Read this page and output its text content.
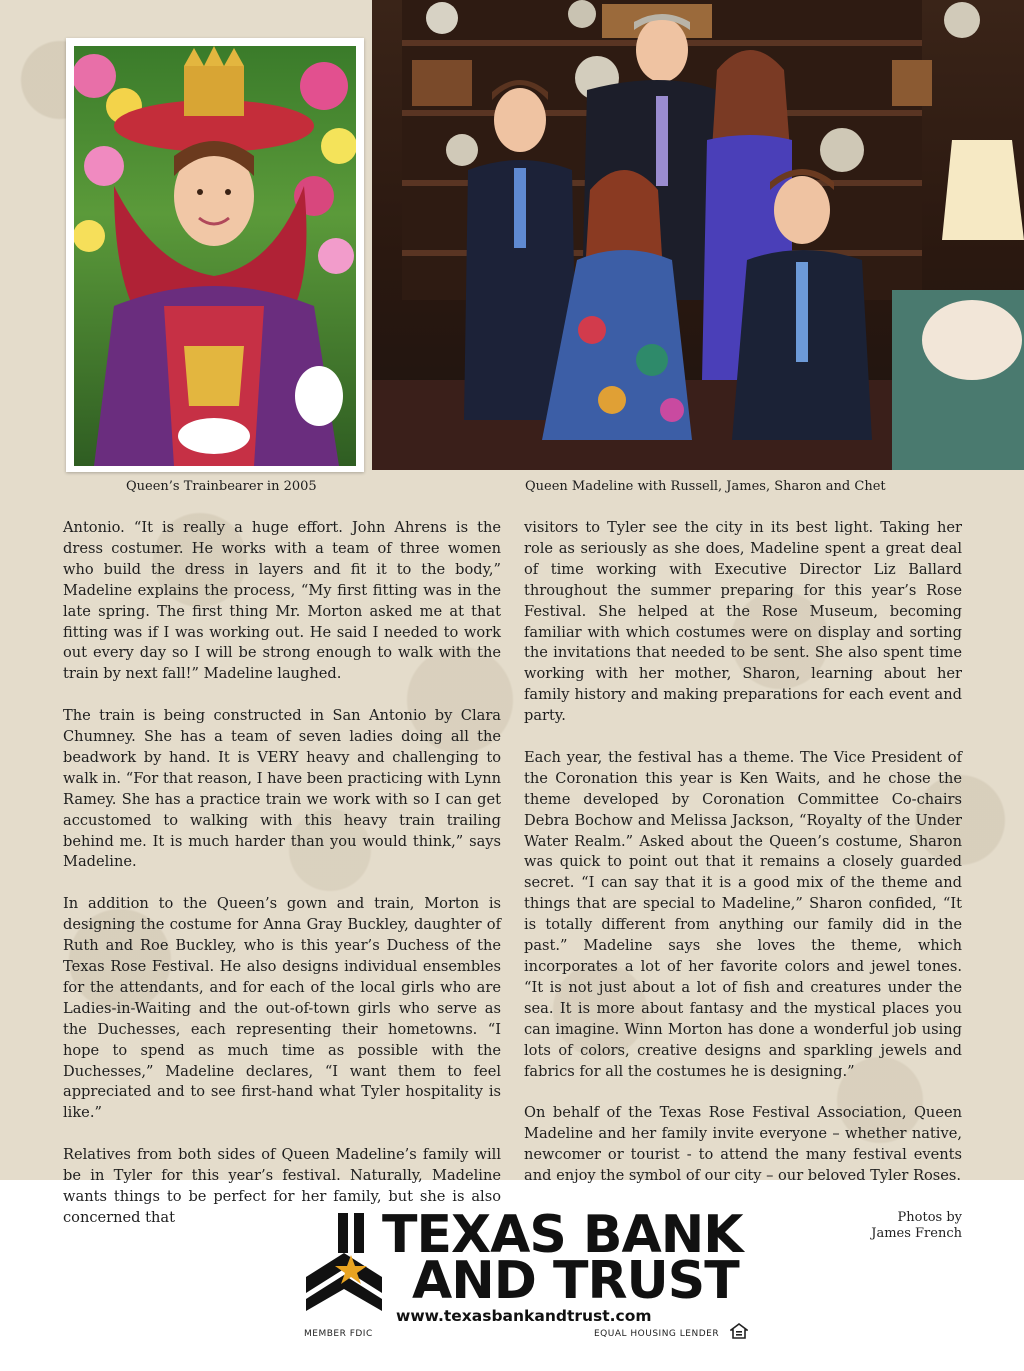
Queen’s Trainbearer in 2005	Queen Madeline with Russell, James, Sharon and Chet

Antonio. “It is really a huge effort. John Ahrens is the dress costumer. He works with a team of three women who build the dress in layers and fit it to the body,” Madeline explains the process, “My first fitting was in the late spring. The first thing Mr. Morton asked me at that fitting was if I was working out. He said I needed to work out every day so I will be strong enough to walk with the train by next fall!” Madeline laughed.

The train is being constructed in San Antonio by Clara Chumney. She has a team of seven ladies doing all the beadwork by hand. It is VERY heavy and challenging to walk in. “For that reason, I have been practicing with Lynn Ramey. She has a practice train we work with so I can get accustomed to walking with this heavy train trailing behind me. It is much harder than you would think,” says Madeline.

In addition to the Queen’s gown and train, Morton is designing the costume for Anna Gray Buckley, daughter of Ruth and Roe Buckley, who is this year’s Duchess of the Texas Rose Festival. He also designs individual ensembles for the attendants, and for each of the local girls who are Ladies-in-Waiting and the out-of-town girls who serve as the Duchesses, each representing their hometowns. “I hope to spend as much time as possible with the Duchesses,” Madeline declares, “I want them to feel appreciated and to see first-hand what Tyler hospitality is like.”

Relatives from both sides of Queen Madeline’s family will be in Tyler for this year’s festival. Naturally, Madeline wants things to be perfect for her family, but she is also concerned that

visitors to Tyler see the city in its best light. Taking her role as seriously as she does, Madeline spent a great deal of time working with Executive Director Liz Ballard throughout the summer preparing for this year’s Rose Festival. She helped at the Rose Museum, becoming familiar with which costumes were on display and sorting the invitations that needed to be sent. She also spent time working with her mother, Sharon, learning about her family history and making preparations for each event and party.

Each year, the festival has a theme. The Vice President of the Coronation this year is Ken Waits, and he chose the theme developed by Coronation Committee Co-chairs Debra Bochow and Melissa Jackson, “Royalty of the Under Water Realm.” Asked about the Queen’s costume, Sharon was quick to point out that it remains a closely guarded secret. “I can say that it is a good mix of the theme and things that are special to Madeline,” Sharon confided, “It is totally different from anything our family did in the past.” Madeline says she loves the theme, which incorporates a lot of her favorite colors and jewel tones. “It is not just about a lot of fish and creatures under the sea. It is more about fantasy and the mystical places you can imagine. Winn Morton has done a wonderful job using lots of colors, creative designs and sparkling jewels and fabrics for all the costumes he is designing.”

On behalf of the Texas Rose Festival Association, Queen Madeline and her family invite everyone – whether native, newcomer or tourist - to attend the many festival events and enjoy the symbol of our city – our beloved Tyler Roses.

Photos by
James French
TEXAS BANK
AND TRUST
www.texasbankandtrust.com
MEMBER FDIC	EQUAL HOUSING LENDER
